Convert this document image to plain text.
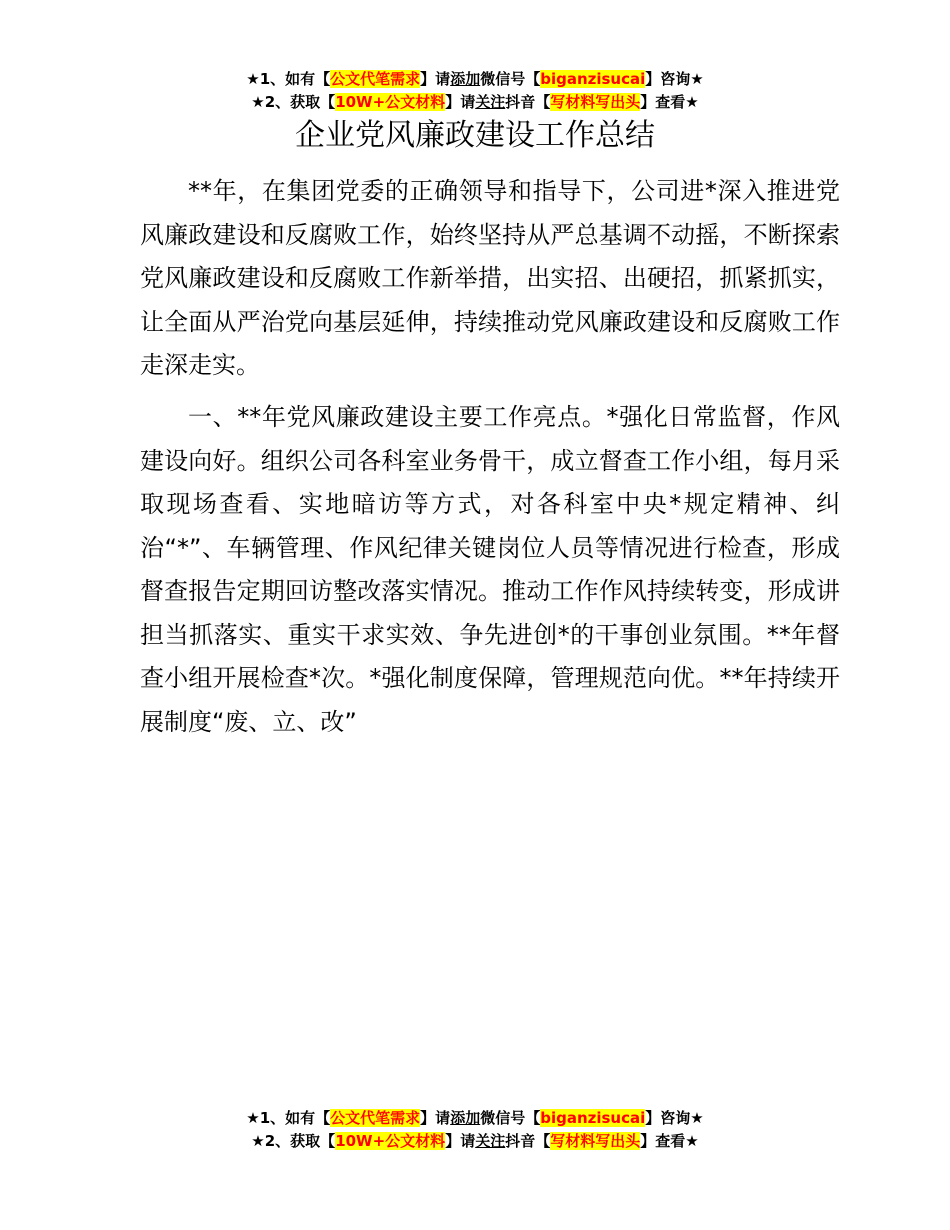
★1、如有【公文代笔需求】请添加微信号【biganzisucai】咨询★
★2、获取【10W+公文材料】请关注抖音【写材料写出头】查看★
企业党风廉政建设工作总结

**年，在集团党委的正确领导和指导下，公司进*深入推进党风廉政建设和反腐败工作，始终坚持从严总基调不动摇，不断探索党风廉政建设和反腐败工作新举措，出实招、出硬招，抓紧抓实，让全面从严治党向基层延伸，持续推动党风廉政建设和反腐败工作走深走实。

一、**年党风廉政建设主要工作亮点。*强化日常监督，作风建设向好。组织公司各科室业务骨干，成立督查工作小组，每月采取现场查看、实地暗访等方式，对各科室中央*规定精神、纠治“*”、车辆管理、作风纪律关键岗位人员等情况进行检查，形成督查报告定期回访整改落实情况。推动工作作风持续转变，形成讲担当抓落实、重实干求实效、争先进创*的干事创业氛围。**年督查小组开展检查*次。*强化制度保障，管理规范向优。**年持续开展制度“废、立、改”

★1、如有【公文代笔需求】请添加微信号【biganzisucai】咨询★
★2、获取【10W+公文材料】请关注抖音【写材料写出头】查看★
